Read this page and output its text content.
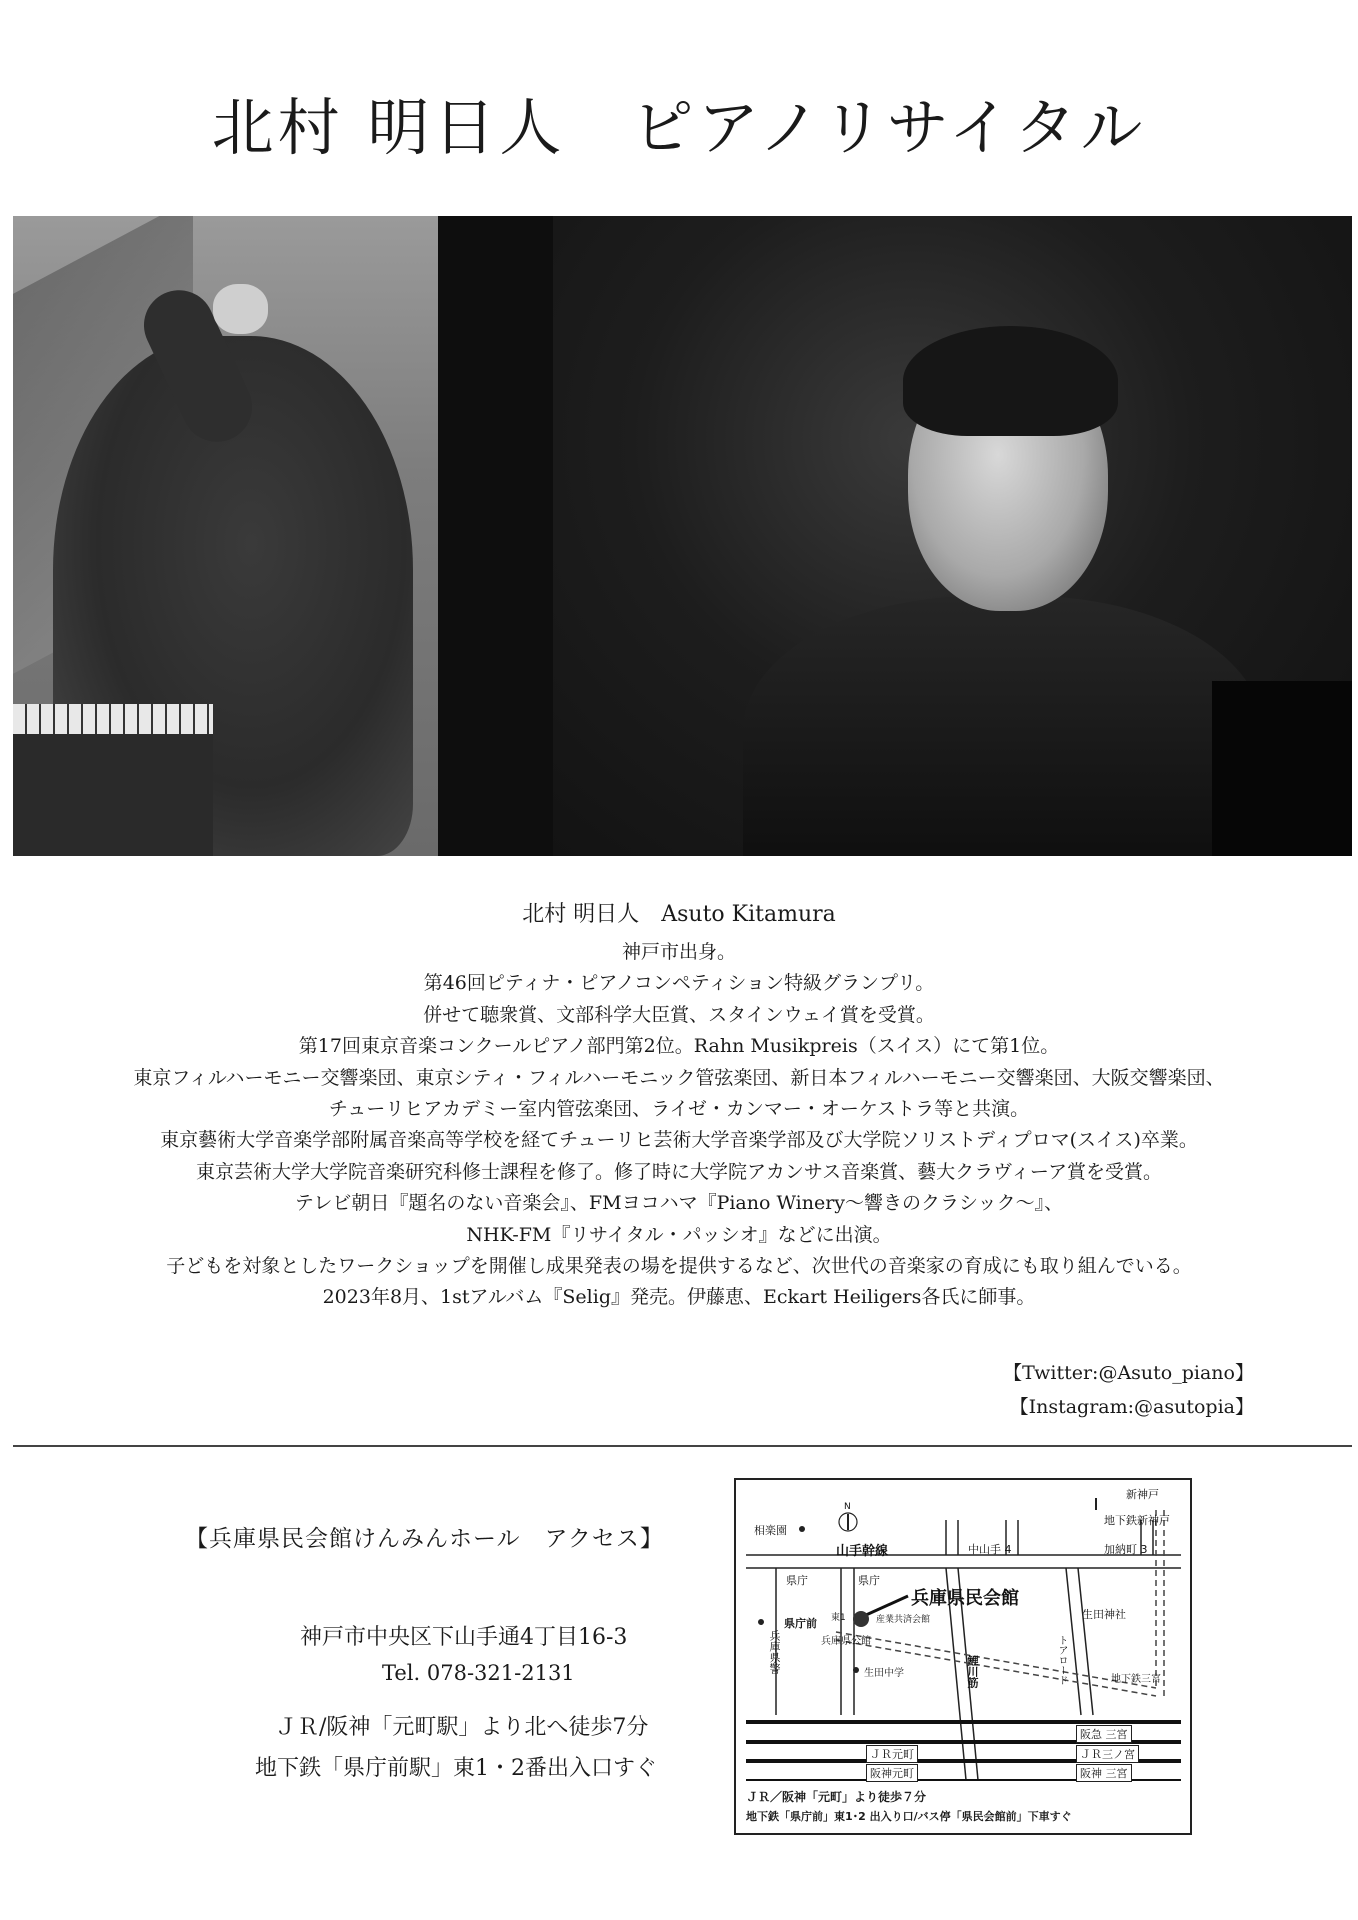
北村 明日人　ピアノリサイタル
北村 明日人　Asuto Kitamura
神戸市出身。
第46回ピティナ・ピアノコンペティション特級グランプリ。
併せて聴衆賞、文部科学大臣賞、スタインウェイ賞を受賞。
第17回東京音楽コンクールピアノ部門第2位。Rahn Musikpreis（スイス）にて第1位。
東京フィルハーモニー交響楽団、東京シティ・フィルハーモニック管弦楽団、新日本フィルハーモニー交響楽団、大阪交響楽団、
チューリヒアカデミー室内管弦楽団、ライゼ・カンマー・オーケストラ等と共演。
東京藝術大学音楽学部附属音楽高等学校を経てチューリヒ芸術大学音楽学部及び大学院ソリストディプロマ(スイス)卒業。
東京芸術大学大学院音楽研究科修士課程を修了。修了時に大学院アカンサス音楽賞、藝大クラヴィーア賞を受賞。
テレビ朝日『題名のない音楽会』、FMヨコハマ『Piano Winery～響きのクラシック～』、
NHK-FM『リサイタル・パッシオ』などに出演。
子どもを対象としたワークショップを開催し成果発表の場を提供するなど、次世代の音楽家の育成にも取り組んでいる。
2023年8月、1stアルバム『Selig』発売。伊藤恵、Eckart Heiligers各氏に師事。
【Twitter:@Asuto_piano】
【Instagram:@asutopia】
【兵庫県民会館けんみんホール　アクセス】
神戸市中央区下山手通4丁目16-3
Tel. 078-321-2131
ＪＲ/阪神「元町駅」より北へ徒歩7分
地下鉄「県庁前駅」東1・2番出入口すぐ
新神戸
地下鉄新神戸
相楽園
N
山手幹線	中山手 4	加納町 3
県庁	県庁
兵庫県民会館
県庁前 東1	産業共済会館	生田神社
兵庫県警	兵庫県公館
生田中学	鯉川筋	トアロード	地下鉄三宮
阪急 三宮
ＪＲ元町	ＪＲ三ノ宮
阪神元町	阪神 三宮
ＪＲ／阪神「元町」より徒歩７分
地下鉄「県庁前」東1･2 出入り口/バス停「県民会館前」下車すぐ
